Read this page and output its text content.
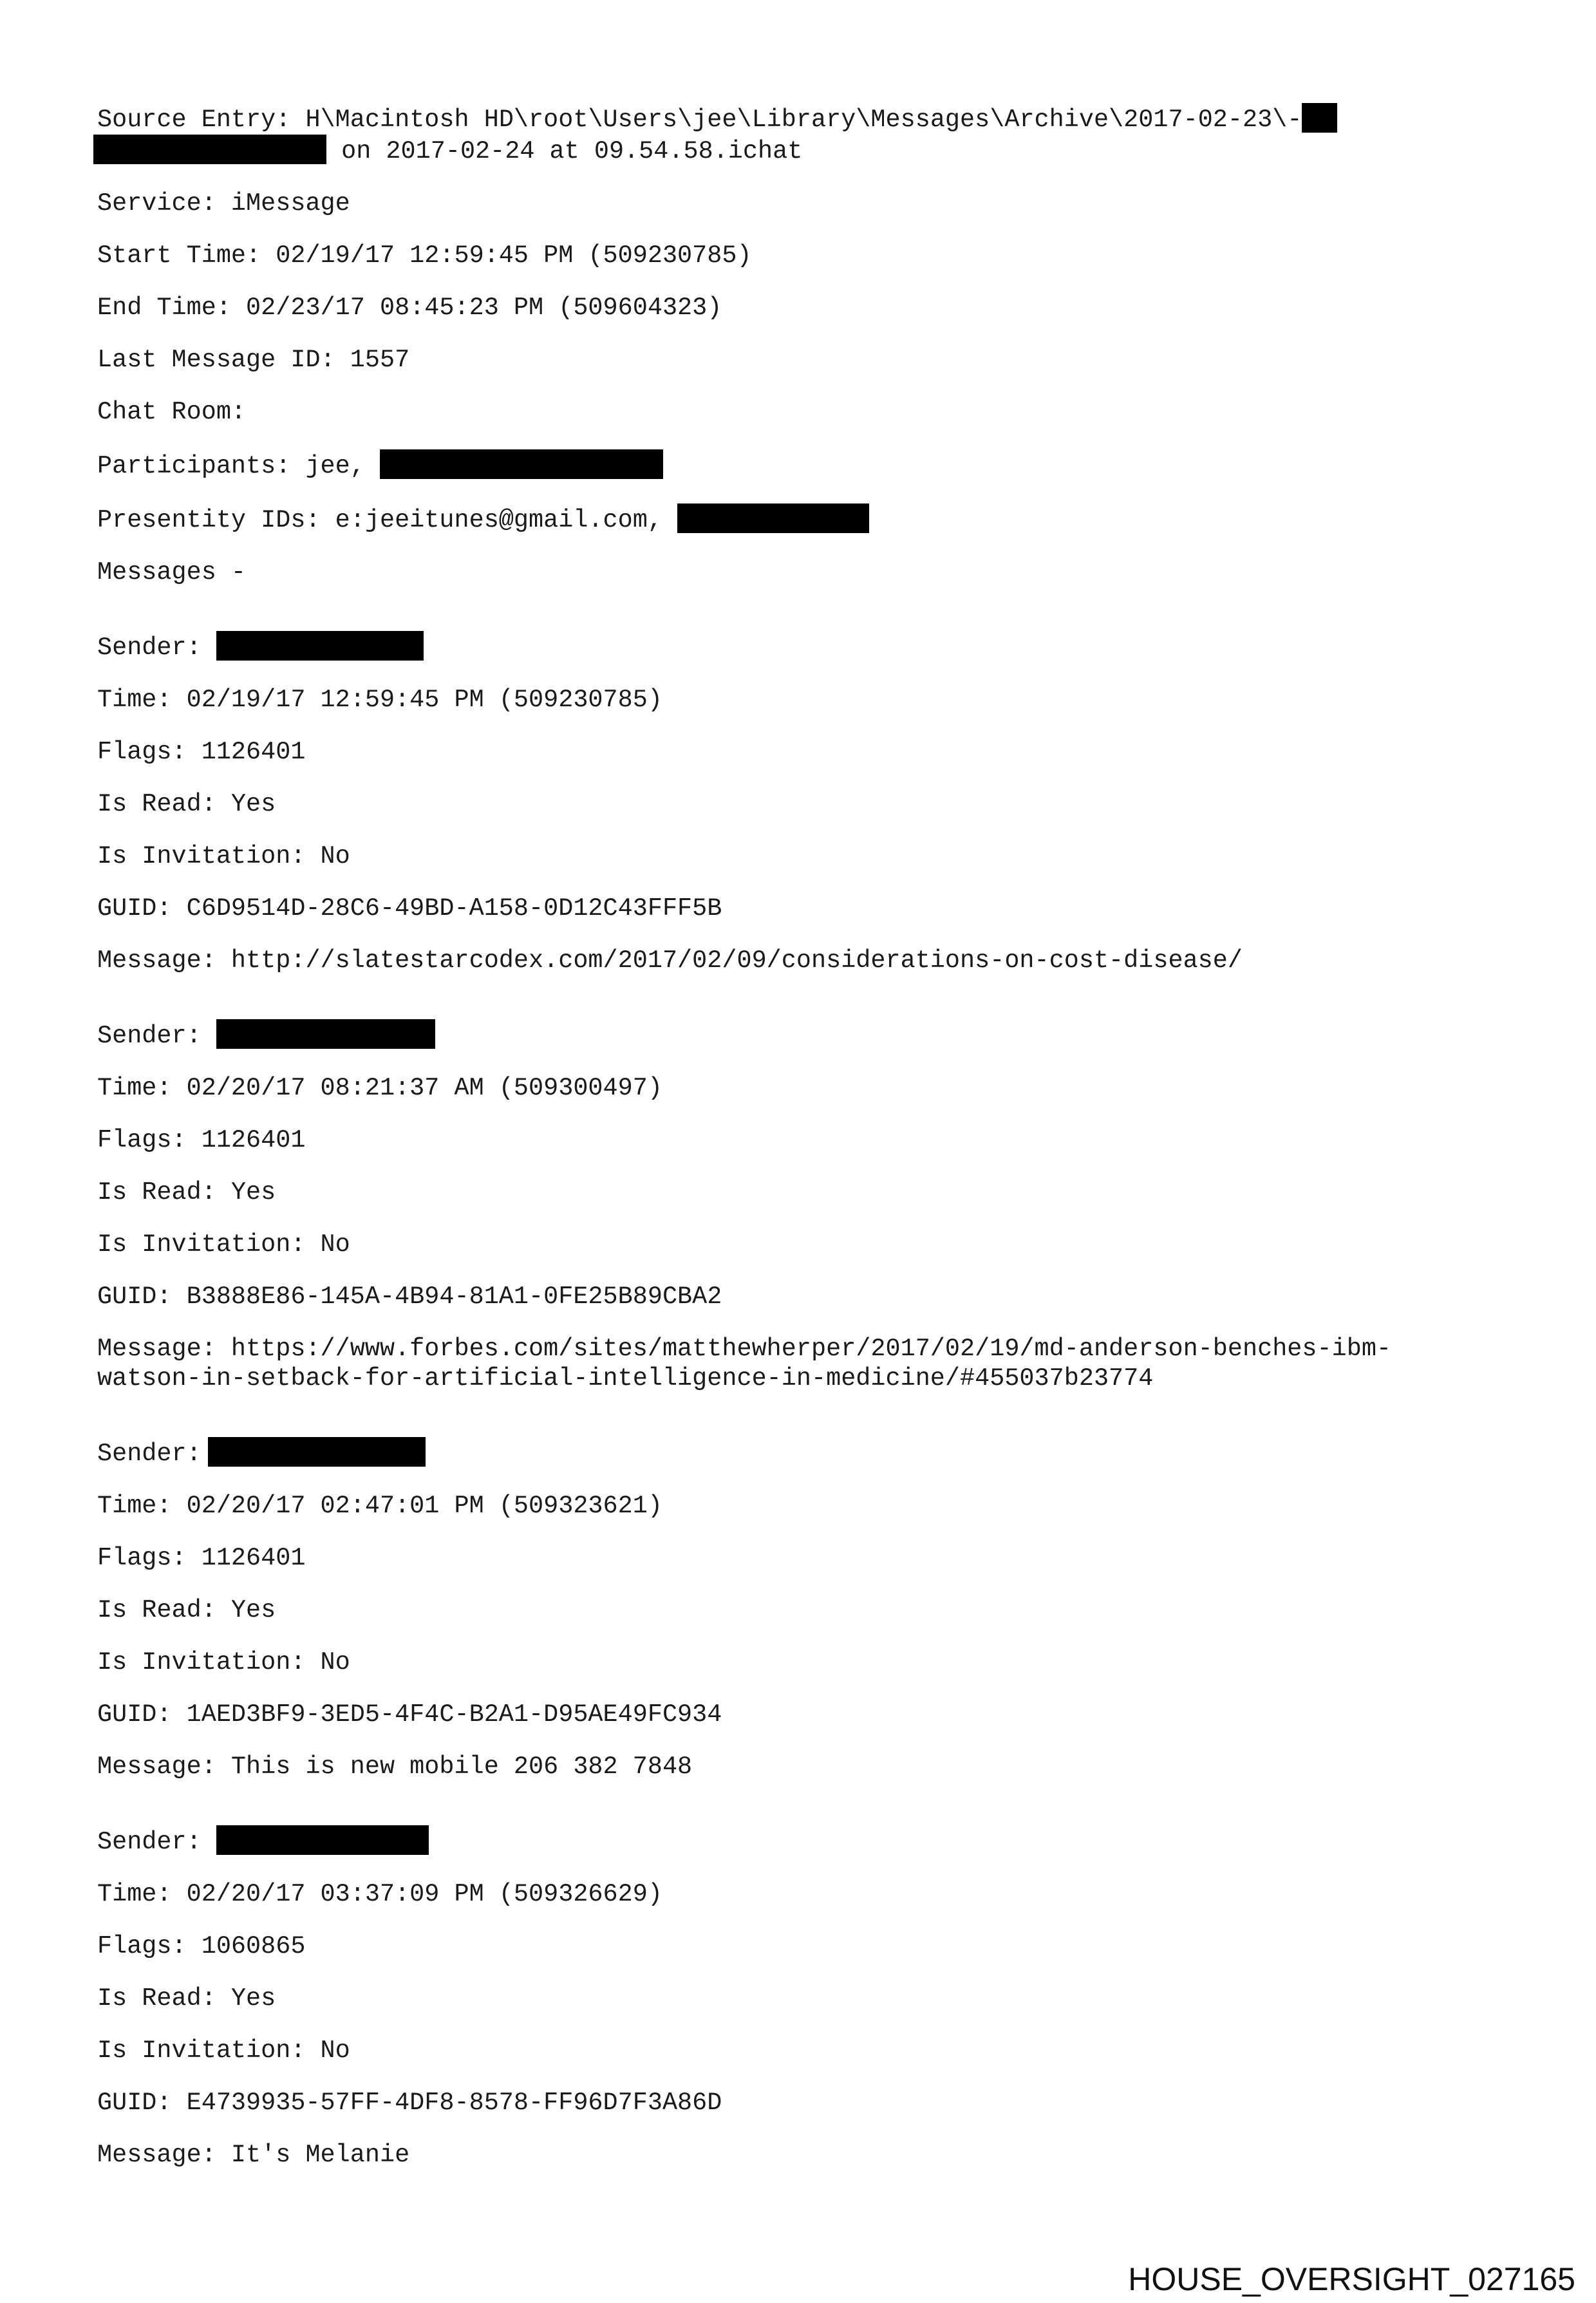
Source Entry: H\Macintosh HD\root\Users\jee\Library\Messages\Archive\2017-02-23\-
on 2017-02-24 at 09.54.58.ichat
Service: iMessage
Start Time: 02/19/17 12:59:45 PM (509230785)
End Time: 02/23/17 08:45:23 PM (509604323)
Last Message ID: 1557
Chat Room:
Participants: jee,
Presentity IDs: e:jeeitunes@gmail.com,
Messages -
Sender:
Time: 02/19/17 12:59:45 PM (509230785)
Flags: 1126401
Is Read: Yes
Is Invitation: No
GUID: C6D9514D-28C6-49BD-A158-0D12C43FFF5B
Message: http://slatestarcodex.com/2017/02/09/considerations-on-cost-disease/
Sender:
Time: 02/20/17 08:21:37 AM (509300497)
Flags: 1126401
Is Read: Yes
Is Invitation: No
GUID: B3888E86-145A-4B94-81A1-0FE25B89CBA2
Message: https://www.forbes.com/sites/matthewherper/2017/02/19/md-anderson-benches-ibm-
watson-in-setback-for-artificial-intelligence-in-medicine/#455037b23774
Sender:
Time: 02/20/17 02:47:01 PM (509323621)
Flags: 1126401
Is Read: Yes
Is Invitation: No
GUID: 1AED3BF9-3ED5-4F4C-B2A1-D95AE49FC934
Message: This is new mobile 206 382 7848
Sender:
Time: 02/20/17 03:37:09 PM (509326629)
Flags: 1060865
Is Read: Yes
Is Invitation: No
GUID: E4739935-57FF-4DF8-8578-FF96D7F3A86D
Message: It's Melanie
HOUSE_OVERSIGHT_027165
